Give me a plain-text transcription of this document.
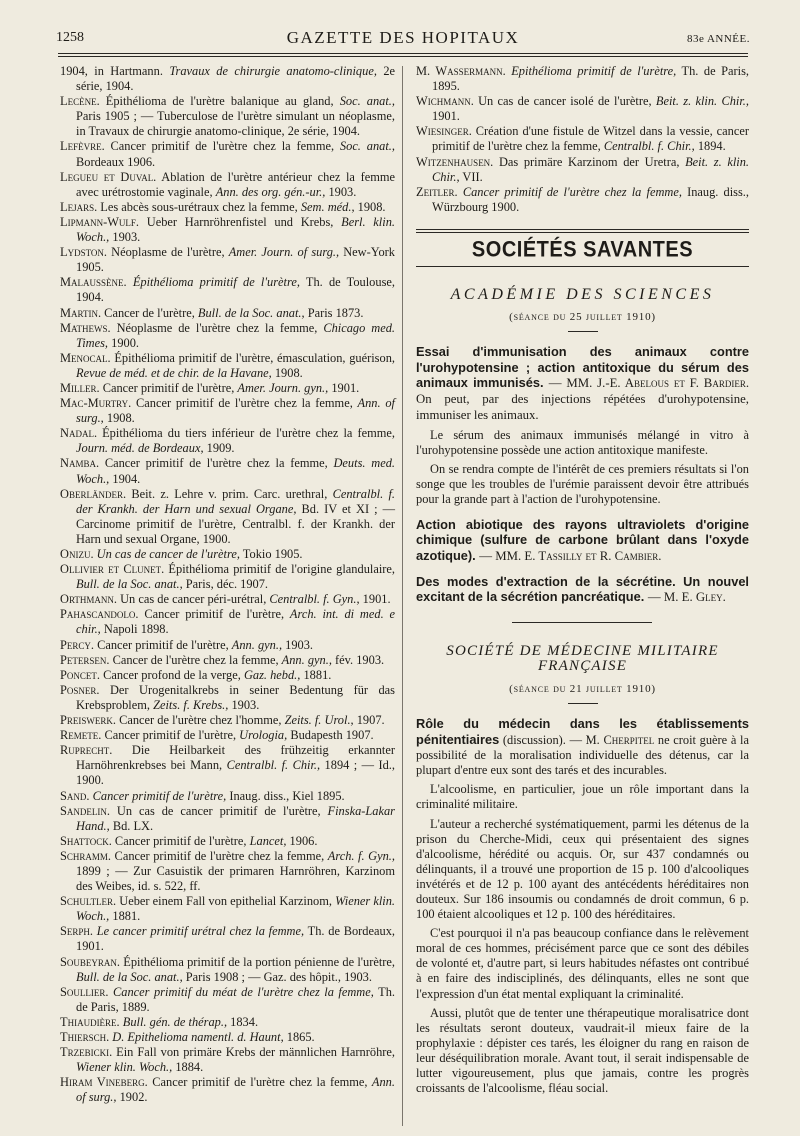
1258	GAZETTE DES HOPITAUX	83e ANNÉE.

1904, in Hartmann. Travaux de chirurgie anatomo-clinique, 2e série, 1904.

Lecène. Épithélioma de l'urètre balanique au gland, Soc. anat., Paris 1905 ; — Tuberculose de l'urètre simulant un néoplasme, in Travaux de chirurgie anatomo-clinique, 2e série, 1904.

Lefèvre. Cancer primitif de l'urètre chez la femme, Soc. anat., Bordeaux 1906.

Legueu et Duval. Ablation de l'urètre antérieur chez la femme avec urétrostomie vaginale, Ann. des org. gén.-ur., 1903.

Lejars. Les abcès sous-urétraux chez la femme, Sem. méd., 1908.

Lipmann-Wulf. Ueber Harnröhrenfistel und Krebs, Berl. klin. Woch., 1903.

Lydston. Néoplasme de l'urètre, Amer. Journ. of surg., New-York 1905.

Malaussène. Épithélioma primitif de l'urètre, Th. de Toulouse, 1904.

Martin. Cancer de l'urètre, Bull. de la Soc. anat., Paris 1873.

Mathews. Néoplasme de l'urètre chez la femme, Chicago med. Times, 1900.

Menocal. Épithélioma primitif de l'urètre, émasculation, guérison, Revue de méd. et de chir. de la Havane, 1908.

Miller. Cancer primitif de l'urètre, Amer. Journ. gyn., 1901.

Mac-Murtry. Cancer primitif de l'urètre chez la femme, Ann. of surg., 1908.

Nadal. Épithélioma du tiers inférieur de l'urètre chez la femme, Journ. méd. de Bordeaux, 1909.

Namba. Cancer primitif de l'urètre chez la femme, Deuts. med. Woch., 1904.

Oberländer. Beit. z. Lehre v. prim. Carc. urethral, Centralbl. f. der Krankh. der Harn und sexual Organe, Bd. IV et XI ; — Carcinome primitif de l'urètre, Centralbl. f. der Krankh. der Harn und sexual Organe, 1900.

Onizu. Un cas de cancer de l'urètre, Tokio 1905.

Ollivier et Cluneт. Épithélioma primitif de l'origine glandulaire, Bull. de la Soc. anat., Paris, déc. 1907.

Orthmann. Un cas de cancer péri-urétral, Centralbl. f. Gyn., 1901.

Pahascandolo. Cancer primitif de l'urètre, Arch. int. di med. e chir., Napoli 1898.

Percy. Cancer primitif de l'urètre, Ann. gyn., 1903.

Petersen. Cancer de l'urètre chez la femme, Ann. gyn., fév. 1903.

Poncet. Cancer profond de la verge, Gaz. hebd., 1881.

Posner. Der Urogenitalkrebs in seiner Bedentung für das Krebsproblem, Zeits. f. Krebs., 1903.

Preiswerk. Cancer de l'urètre chez l'homme, Zeits. f. Urol., 1907.

Remete. Cancer primitif de l'urètre, Urologia, Budapesth 1907.

Ruprecht. Die Heilbarkeit des frühzeitig erkannter Harnöhrenkrebses bei Mann, Centralbl. f. Chir., 1894 ; — Id., 1900.

Sand. Cancer primitif de l'urètre, Inaug. diss., Kiel 1895.

Sandelin. Un cas de cancer primitif de l'urètre, Finska-Lakar Hand., Bd. LX.

Shattock. Cancer primitif de l'urètre, Lancet, 1906.

Schramm. Cancer primitif de l'urètre chez la femme, Arch. f. Gyn., 1899 ; — Zur Casuistik der primaren Harnröhren, Karzinom des Weibes, id. s. 522, ff.

Schultler. Ueber einem Fall von epithelial Karzinom, Wiener klin. Woch., 1881.

Serph. Le cancer primitif urétral chez la femme, Th. de Bordeaux, 1901.

Soubeyran. Épithélioma primitif de la portion pénienne de l'urètre, Bull. de la Soc. anat., Paris 1908 ; — Gaz. des hôpit., 1903.

Soullier. Cancer primitif du méat de l'urètre chez la femme, Th. de Paris, 1889.

Thiaudière. Bull. gén. de thérap., 1834.

Thiersch. D. Epithelioma namentl. d. Haunt, 1865.

Trzebicki. Ein Fall von primäre Krebs der männlichen Harnröhre, Wiener klin. Woch., 1884.

Hiram Vineberg. Cancer primitif de l'urètre chez la femme, Ann. of surg., 1902.

M. Wassermann. Epithélioma primitif de l'urètre, Th. de Paris, 1895.

Wichmann. Un cas de cancer isolé de l'urètre, Beit. z. klin. Chir., 1901.

Wiesinger. Création d'une fistule de Witzel dans la vessie, cancer primitif de l'urètre chez la femme, Centralbl. f. Chir., 1894.

Witzenhausen. Das primäre Karzinom der Uretra, Beit. z. klin. Chir., VII.

Zeitler. Cancer primitif de l'urètre chez la femme, Inaug. diss., Würzbourg 1900.

SOCIÉTÉS SAVANTES
ACADÉMIE DES SCIENCES
(séance du 25 juillet 1910)

Essai d'immunisation des animaux contre l'urohypotensine ; action antitoxique du sérum des animaux immunisés. — MM. J.-E. Abelous et F. Bardier. On peut, par des injections répétées d'urohypotensine, immuniser les animaux.

Le sérum des animaux immunisés mélangé in vitro à l'urohypotensine possède une action antitoxique manifeste.

On se rendra compte de l'intérêt de ces premiers résultats si l'on songe que les troubles de l'urémie paraissent devoir être attribués pour la grande part à l'action de l'urohypotensine.

Action abiotique des rayons ultraviolets d'origine chimique (sulfure de carbone brûlant dans l'oxyde azotique). — MM. E. Tassilly et R. Cambier.

Des modes d'extraction de la sécrétine. Un nouvel excitant de la sécrétion pancréatique. — M. E. Gley.

SOCIÉTÉ DE MÉDECINE MILITAIRE FRANÇAISE
(séance du 21 juillet 1910)

Rôle du médecin dans les établissements pénitentiaires (discussion). — M. Cherpitel ne croit guère à la possibilité de la moralisation individuelle des détenus, car la plupart d'entre eux sont des tarés et des incurables.

L'alcoolisme, en particulier, joue un rôle important dans la criminalité militaire.

L'auteur a recherché systématiquement, parmi les détenus de la prison du Cherche-Midi, ceux qui présentaient des signes d'alcoolisme, hérédité ou acquis. Or, sur 437 condamnés ou délinquants, il a trouvé une proportion de 15 p. 100 d'alcooliques invétérés et de 12 p. 100 ayant des antécédents héréditaires non douteux. Sur 186 insoumis ou condamnés de droit commun, 6 p. 100 étaient alcooliques et 12 p. 100 des héréditaires.

C'est pourquoi il n'a pas beaucoup confiance dans le relèvement moral de ces hommes, précisément parce que ce sont des débiles de volonté et, d'autre part, si leurs habitudes néfastes ont contribué à en faire des indisciplinés, des délinquants, elles ne sont que l'expression d'un état mental expliquant la criminalité.

Aussi, plutôt que de tenter une thérapeutique moralisatrice dont les résultats seront douteux, vaudrait-il mieux faire de la prophylaxie : dépister ces tarés, les éloigner du rang en raison de leur déséquilibration morale. Avant tout, il serait indispensable de lutter vigoureusement, plus que jamais, contre les progrès croissants de l'alcoolisme, fléau social.
